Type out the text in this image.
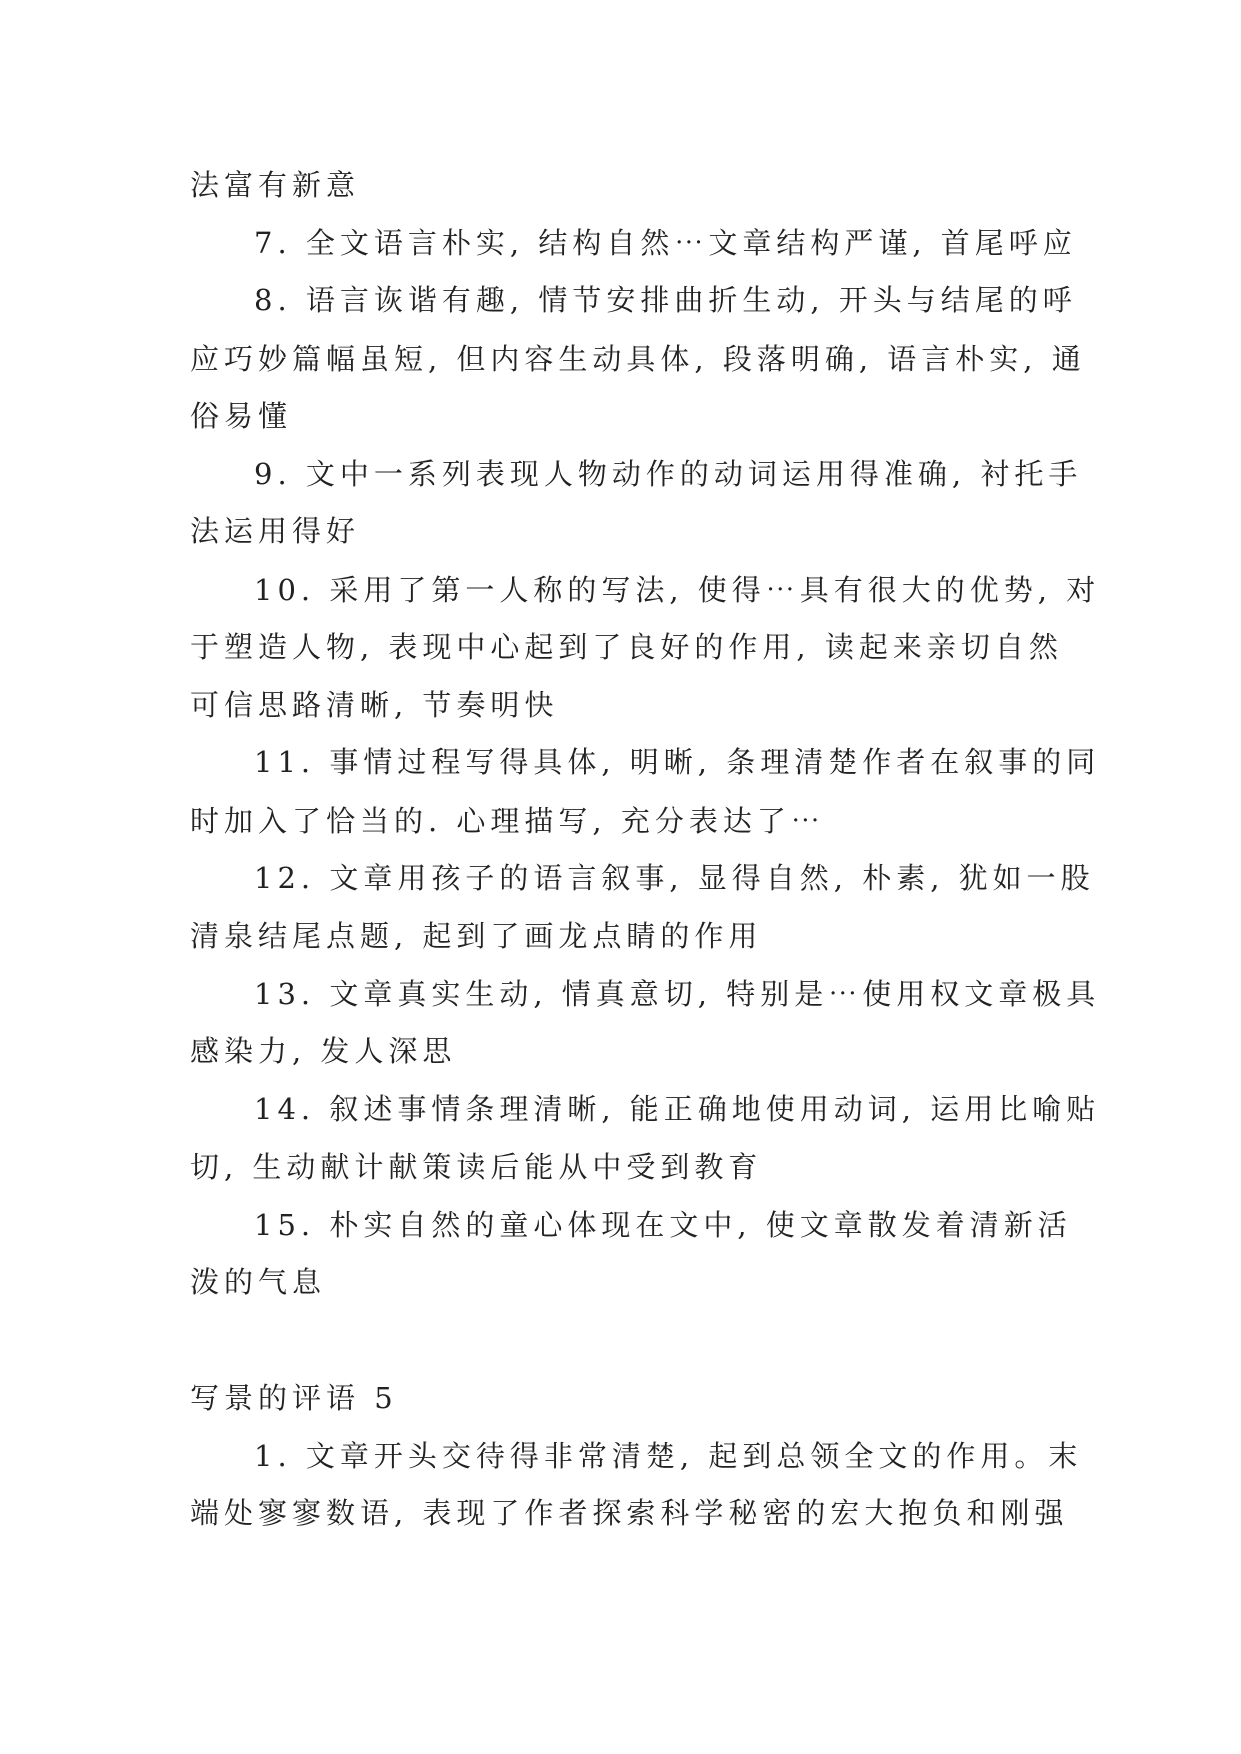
法富有新意
7. 全文语言朴实, 结构自然⋯文章结构严谨, 首尾呼应
8. 语言诙谐有趣, 情节安排曲折生动, 开头与结尾的呼
应巧妙篇幅虽短, 但内容生动具体, 段落明确, 语言朴实, 通
俗易懂
9. 文中一系列表现人物动作的动词运用得准确, 衬托手
法运用得好
10. 采用了第一人称的写法, 使得⋯具有很大的优势, 对
于塑造人物, 表现中心起到了良好的作用, 读起来亲切自然
可信思路清晰, 节奏明快
11. 事情过程写得具体, 明晰, 条理清楚作者在叙事的同
时加入了恰当的. 心理描写, 充分表达了⋯
12. 文章用孩子的语言叙事, 显得自然, 朴素, 犹如一股
清泉结尾点题, 起到了画龙点睛的作用
13. 文章真实生动, 情真意切, 特别是⋯使用权文章极具
感染力, 发人深思
14. 叙述事情条理清晰, 能正确地使用动词, 运用比喻贴
切, 生动献计献策读后能从中受到教育
15. 朴实自然的童心体现在文中, 使文章散发着清新活
泼的气息
写景的评语 5
1. 文章开头交待得非常清楚, 起到总领全文的作用。末
端处寥寥数语, 表现了作者探索科学秘密的宏大抱负和刚强
